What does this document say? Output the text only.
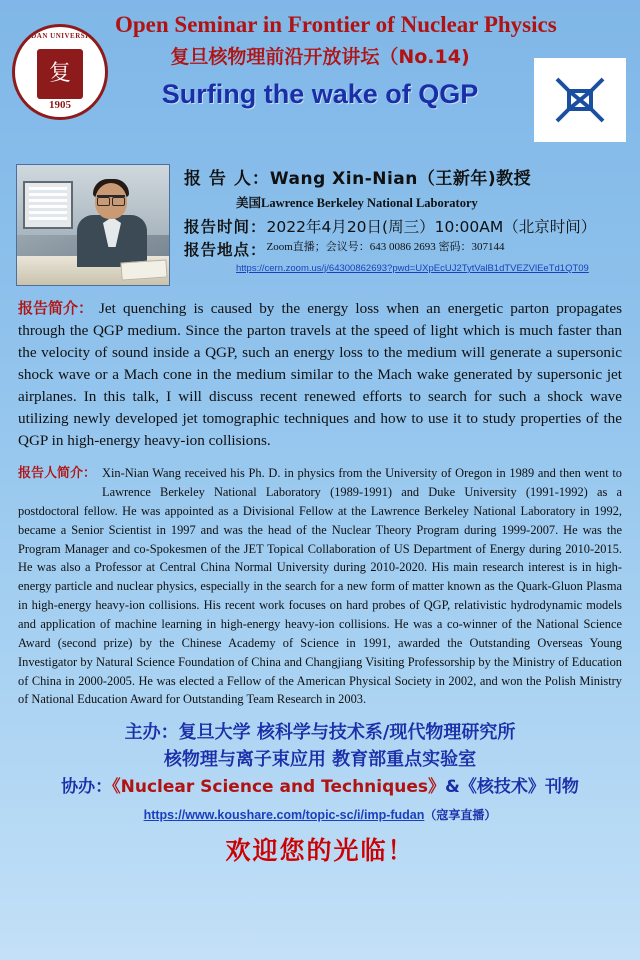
FUDAN UNIVERSITY
复
1905
Open Seminar in Frontier of Nuclear Physics
复旦核物理前沿开放讲坛（No.14)
Surfing the wake of QGP
报 告 人：Wang Xin-Nian（王新年)教授
美国Lawrence Berkeley National Laboratory
报告时间：2022年4月20日(周三）10:00AM（北京时间）
报告地点： Zoom直播；会议号：643 0086 2693 密码：307144
https://cern.zoom.us/j/64300862693?pwd=UXpEcUJ2TytValB1dTVEZVlEeTd1QT09
报告简介： Jet quenching is caused by the energy loss when an energetic parton propagates through the QGP medium. Since the parton travels at the speed of light which is much faster than the velocity of sound inside a QGP, such an energy loss to the medium will generate a supersonic shock wave or a Mach cone in the medium similar to the Mach wake generated by supersonic jet airplanes. In this talk, I will discuss recent renewed efforts to search for such a shock wave utilizing newly developed jet tomographic techniques and how to use it to study properties of the QGP in high-energy heavy-ion collisions.
报告人简介： Xin-Nian Wang received his Ph. D. in physics from the University of Oregon in 1989 and then went to Lawrence Berkeley National Laboratory (1989-1991) and Duke University (1991-1992) as a postdoctoral fellow. He was appointed as a Divisional Fellow at the Lawrence Berkeley National Laboratory in 1992, became a Senior Scientist in 1997 and was the head of the Nuclear Theory Program during 1999-2007. He was the Program Manager and co-Spokesmen of the JET Topical Collaboration of US Department of Energy during 2010-2015. He was also a Professor at Central China Normal University during 2010-2020. His main research interest is in high-energy particle and nuclear physics, especially in the search for a new form of matter known as the Quark-Gluon Plasma in high-energy heavy-ion collisions. His recent work focuses on hard probes of QGP, relativistic hydrodynamic models and application of machine learning in high-energy heavy-ion collisions. He was a co-winner of the National Science Award (second prize) by the Chinese Academy of Science in 1991, awarded the Outstanding Overseas Young Investigator by Natural Science Foundation of China and Changjiang Visiting Professorship by the Ministry of Education of China in 2000-2005. He was elected a Fellow of the American Physical Society in 2002, and won the Polish Ministry of National Education Award for Outstanding Team Research in 2003.
主办：复旦大学 核科学与技术系/现代物理研究所
核物理与离子束应用 教育部重点实验室
协办：《Nuclear Science and Techniques》&《核技术》刊物
https://www.koushare.com/topic-sc/i/imp-fudan（寇享直播）
欢迎您的光临！
